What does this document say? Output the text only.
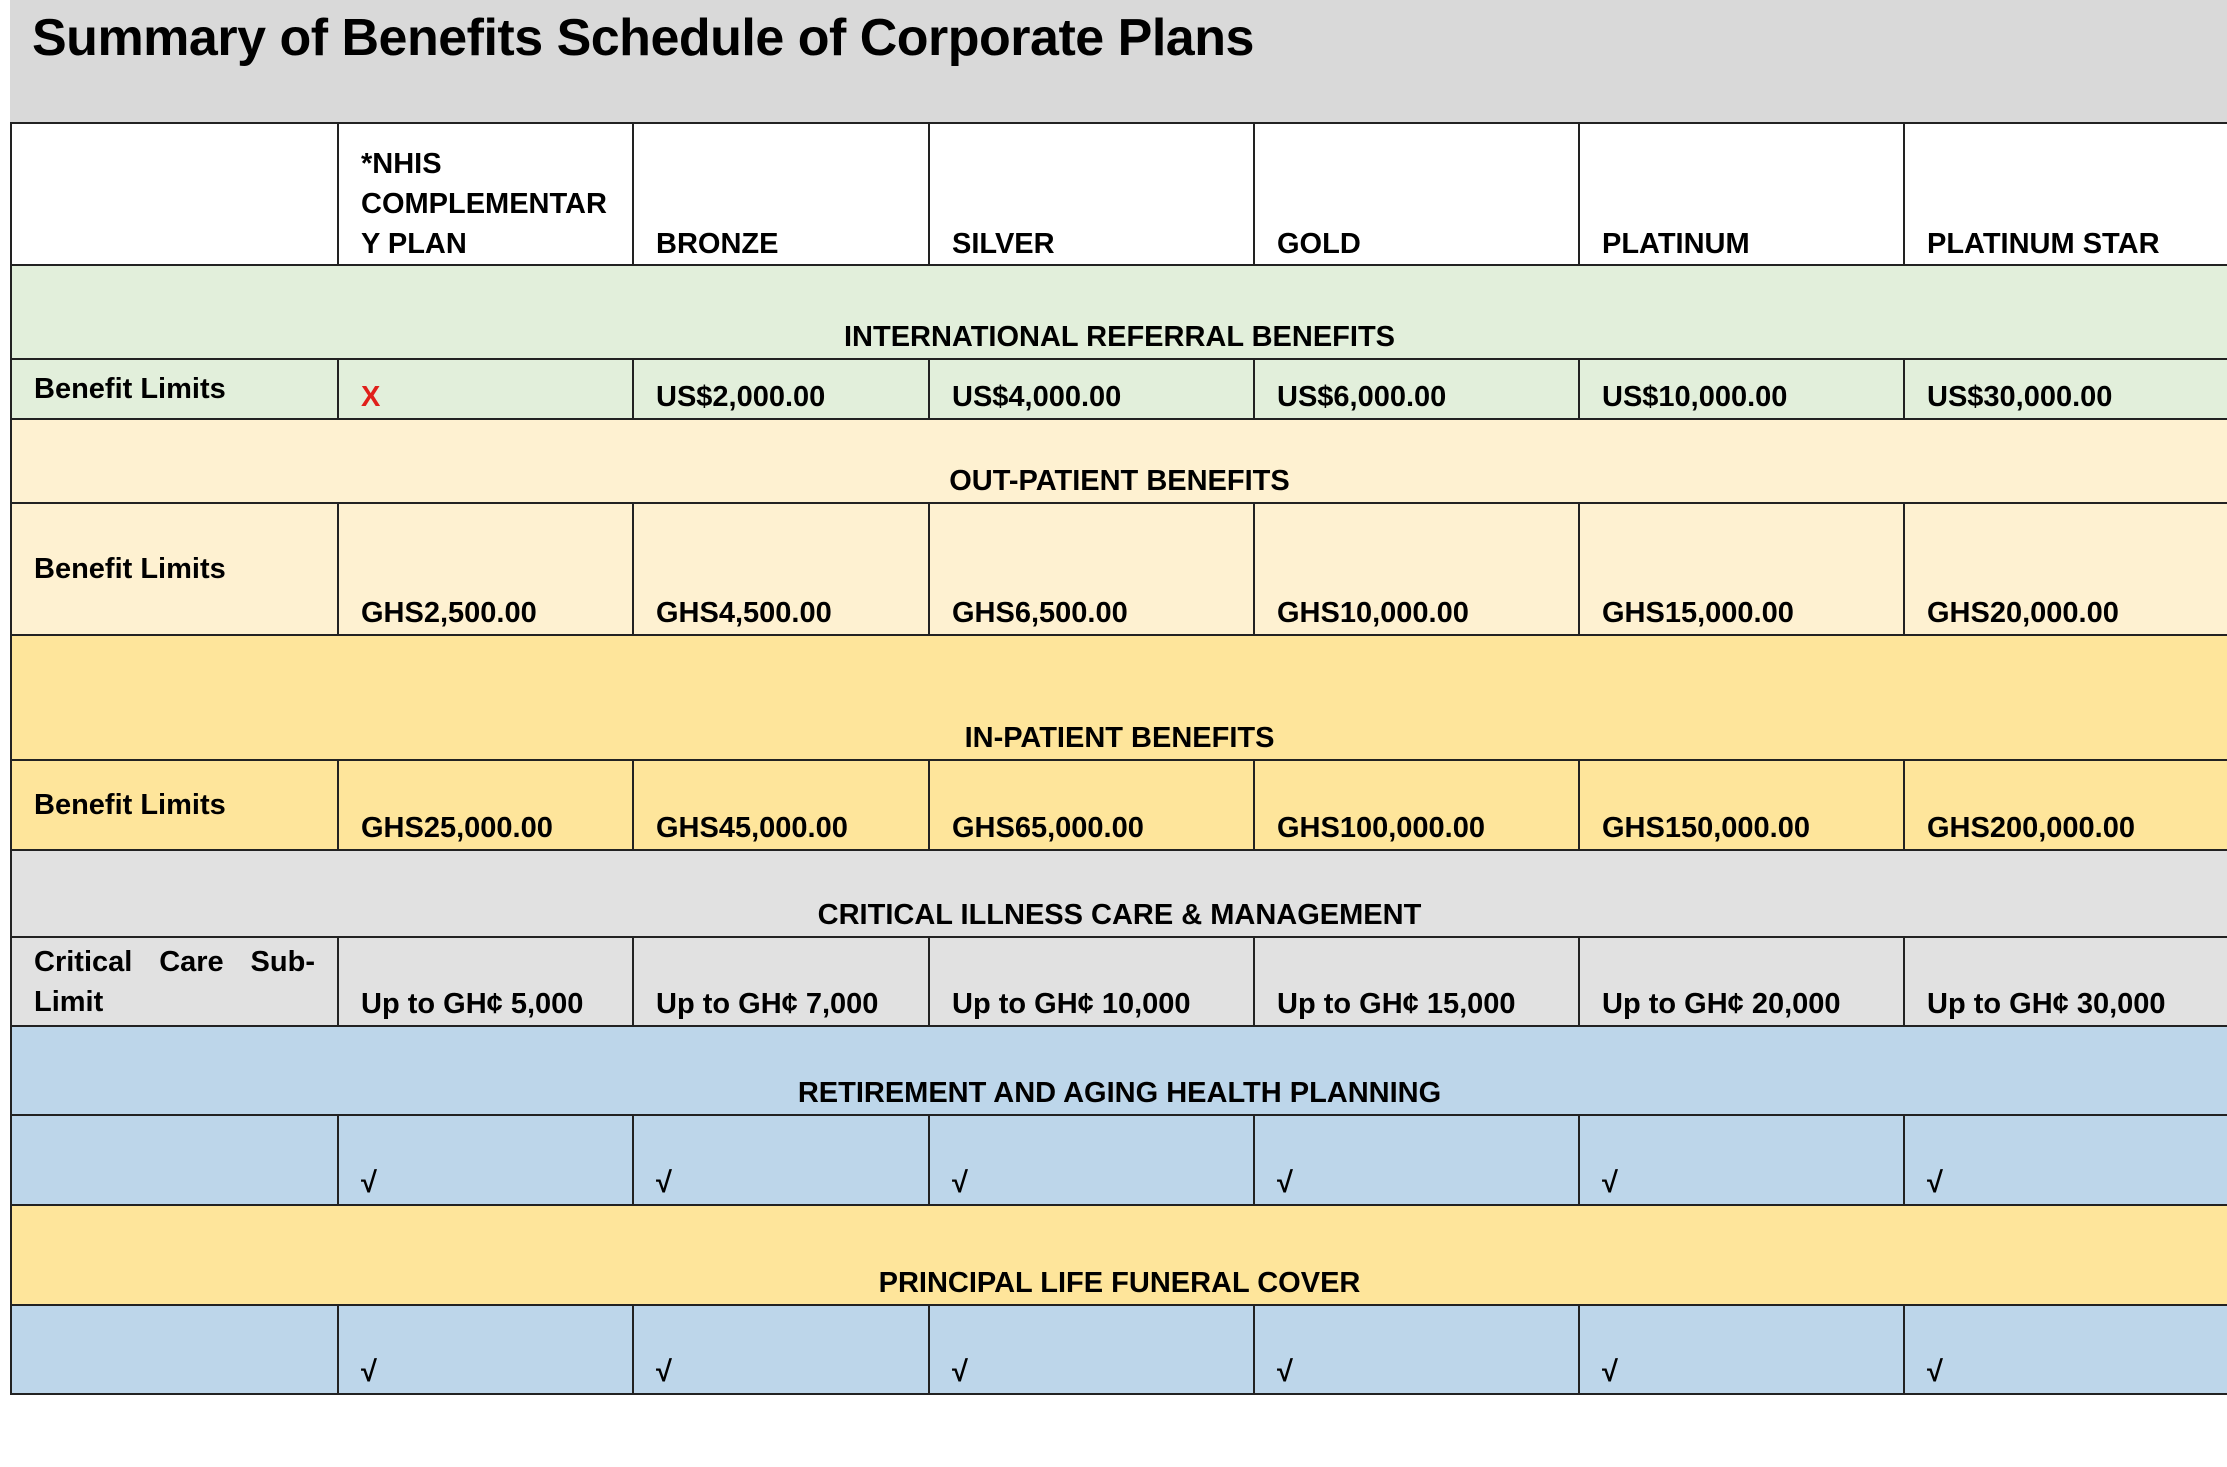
Summary of Benefits Schedule of Corporate Plans

	*NHIS
COMPLEMENTAR
Y PLAN	BRONZE	SILVER	GOLD	PLATINUM	PLATINUM STAR

INTERNATIONAL REFERRAL BENEFITS						

Benefit Limits	X	US$2,000.00	US$4,000.00	US$6,000.00	US$10,000.00	US$30,000.00

OUT-PATIENT BENEFITS						

Benefit Limits	GHS2,500.00	GHS4,500.00	GHS6,500.00	GHS10,000.00	GHS15,000.00	GHS20,000.00

IN-PATIENT BENEFITS						

Benefit Limits	GHS25,000.00	GHS45,000.00	GHS65,000.00	GHS100,000.00	GHS150,000.00	GHS200,000.00

CRITICAL ILLNESS CARE & MANAGEMENT						

Critical Care Sub-
Limit	Up to GH¢ 5,000	Up to GH¢ 7,000	Up to GH¢ 10,000	Up to GH¢ 15,000	Up to GH¢ 20,000	Up to GH¢ 30,000

RETIREMENT AND AGING HEALTH PLANNING						

	√	√	√	√	√	√

PRINCIPAL LIFE FUNERAL COVER						

	√	√	√	√	√	√
